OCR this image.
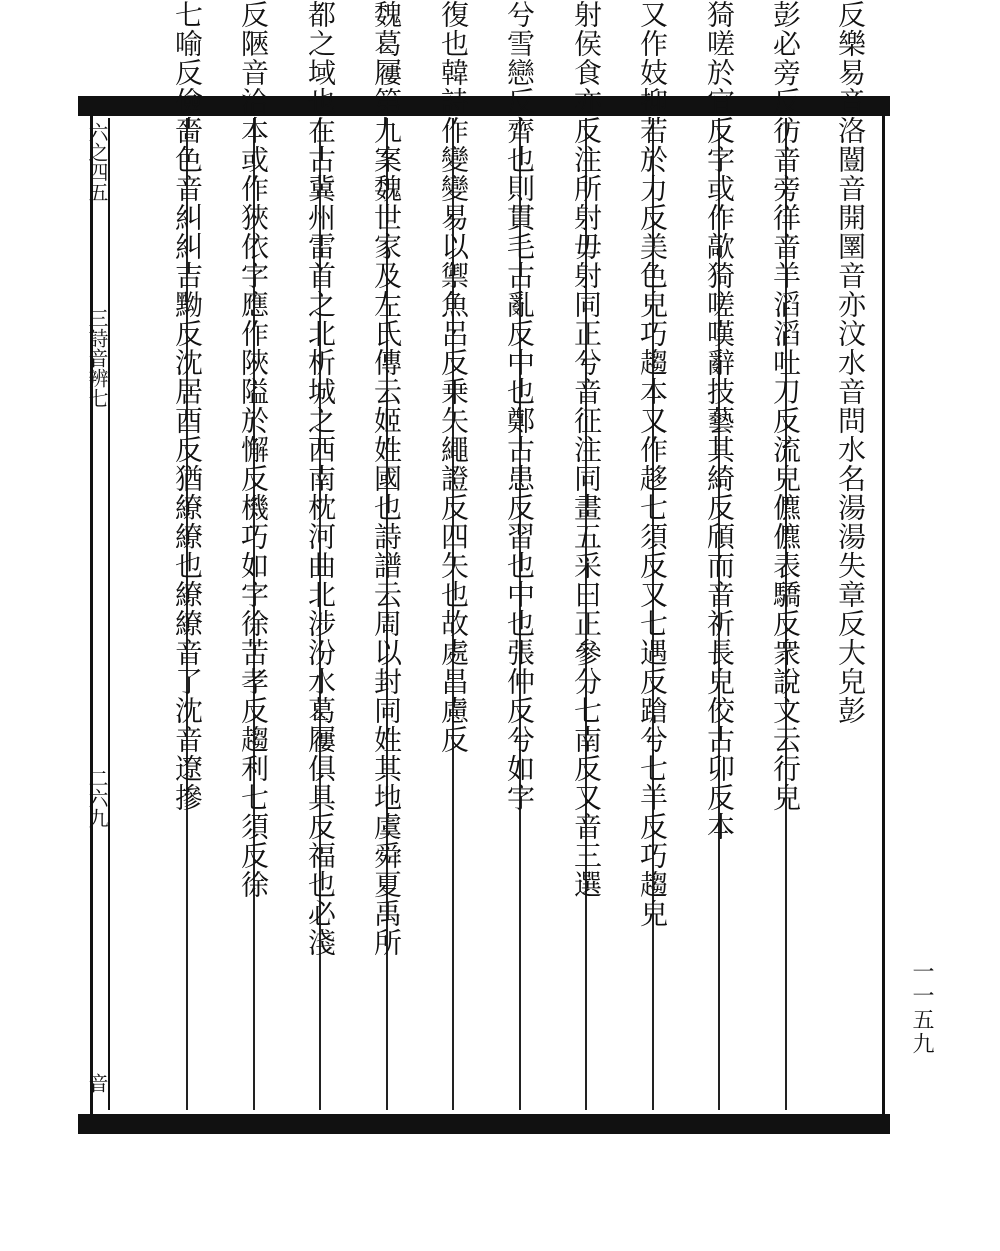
六之四五
三詩音辨七
二六九
音
反樂易音洛闓音開圛音亦汶水音問水名湯湯失章反大皃彭
彭必旁反彷音旁徉音羊滔滔吐刀反流皃儦儦表驕反衆說文云行皃
猗嗟於宜反字或作歊猗嗟嘆辭技藝其綺反頎而音祈長皃佼古卯反本
又作妓抑若於力反美色皃巧趨本又作趍七須反又七遇反蹌兮七羊反巧趨皃
射侯食亦反注所射毋射同正兮音征注同畫五采曰正參分七南反又音三選
兮雪戀反齊也則貫毛古亂反中也鄭古患反習也中也張仲反兮如字
復也韓詩作變變易以禦魚呂反乗矢繩證反四矢也故處昌慮反
魏葛屨第九案魏世家及左氏傳云姬姓國也詩譜云周以封同姓其地虞舜夏禹所
都之域也在古冀州雷首之北析城之西南枕河曲北涉汾水葛屨俱具反福也必淺
反陿音洽本或作狹依字應作陜隘於懈反機巧如字徐苦孝反趨利七須反徐
七喻反儉嗇色音糾糾吉黝反沈居酉反猶繚繚也繚繚音了沈音遼摻
一一五九
